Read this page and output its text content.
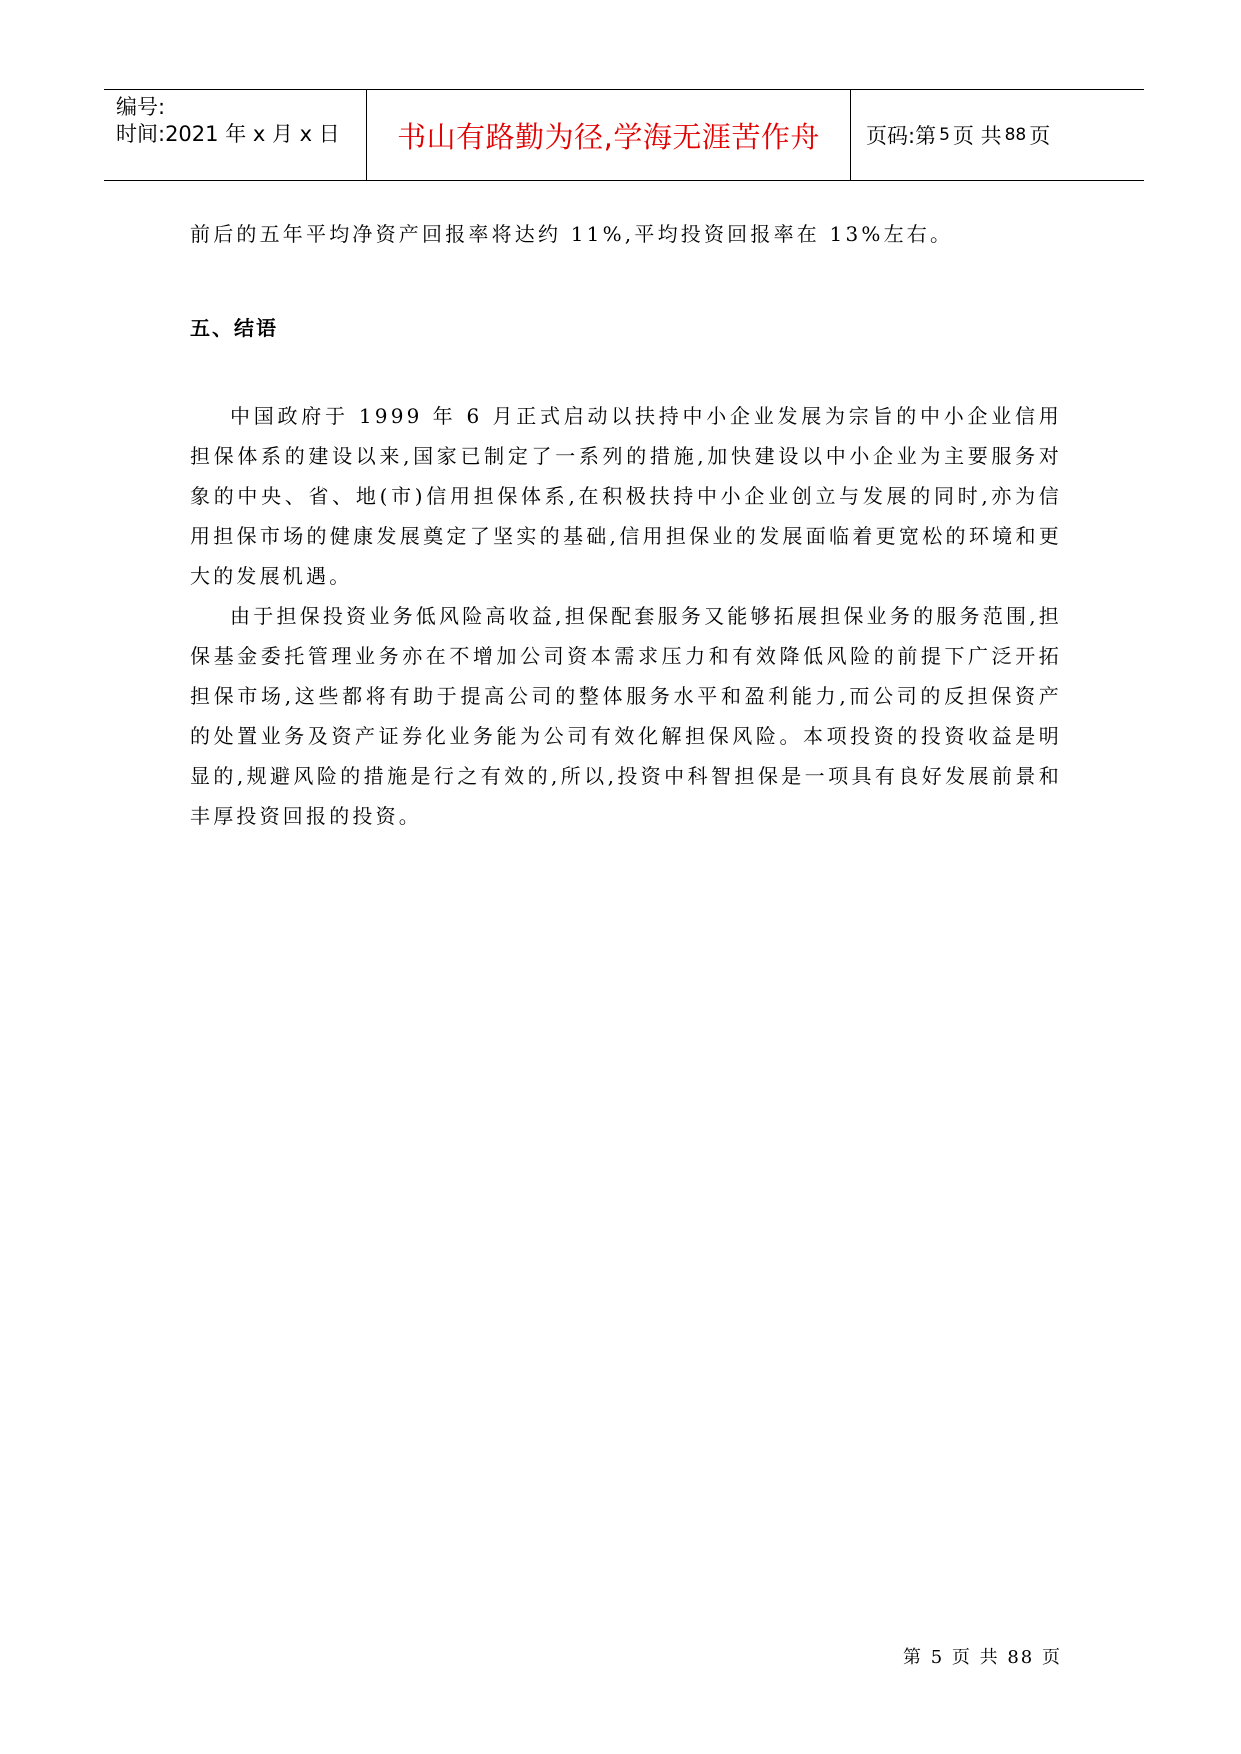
编号:
时间:2021 年 x 月 x 日	书山有路勤为径,学海无涯苦作舟	页码:第 5 页 共 88 页

前后的五年平均净资产回报率将达约 11%,平均投资回报率在 13%左右。

五、结语

中国政府于 1999 年 6 月正式启动以扶持中小企业发展为宗旨的中小企业信用担保体系的建设以来,国家已制定了一系列的措施,加快建设以中小企业为主要服务对象的中央、省、地(市)信用担保体系,在积极扶持中小企业创立与发展的同时,亦为信用担保市场的健康发展奠定了坚实的基础,信用担保业的发展面临着更宽松的环境和更大的发展机遇。

由于担保投资业务低风险高收益,担保配套服务又能够拓展担保业务的服务范围,担保基金委托管理业务亦在不增加公司资本需求压力和有效降低风险的前提下广泛开拓担保市场,这些都将有助于提高公司的整体服务水平和盈利能力,而公司的反担保资产的处置业务及资产证券化业务能为公司有效化解担保风险。本项投资的投资收益是明显的,规避风险的措施是行之有效的,所以,投资中科智担保是一项具有良好发展前景和丰厚投资回报的投资。

第 5 页 共 88 页
